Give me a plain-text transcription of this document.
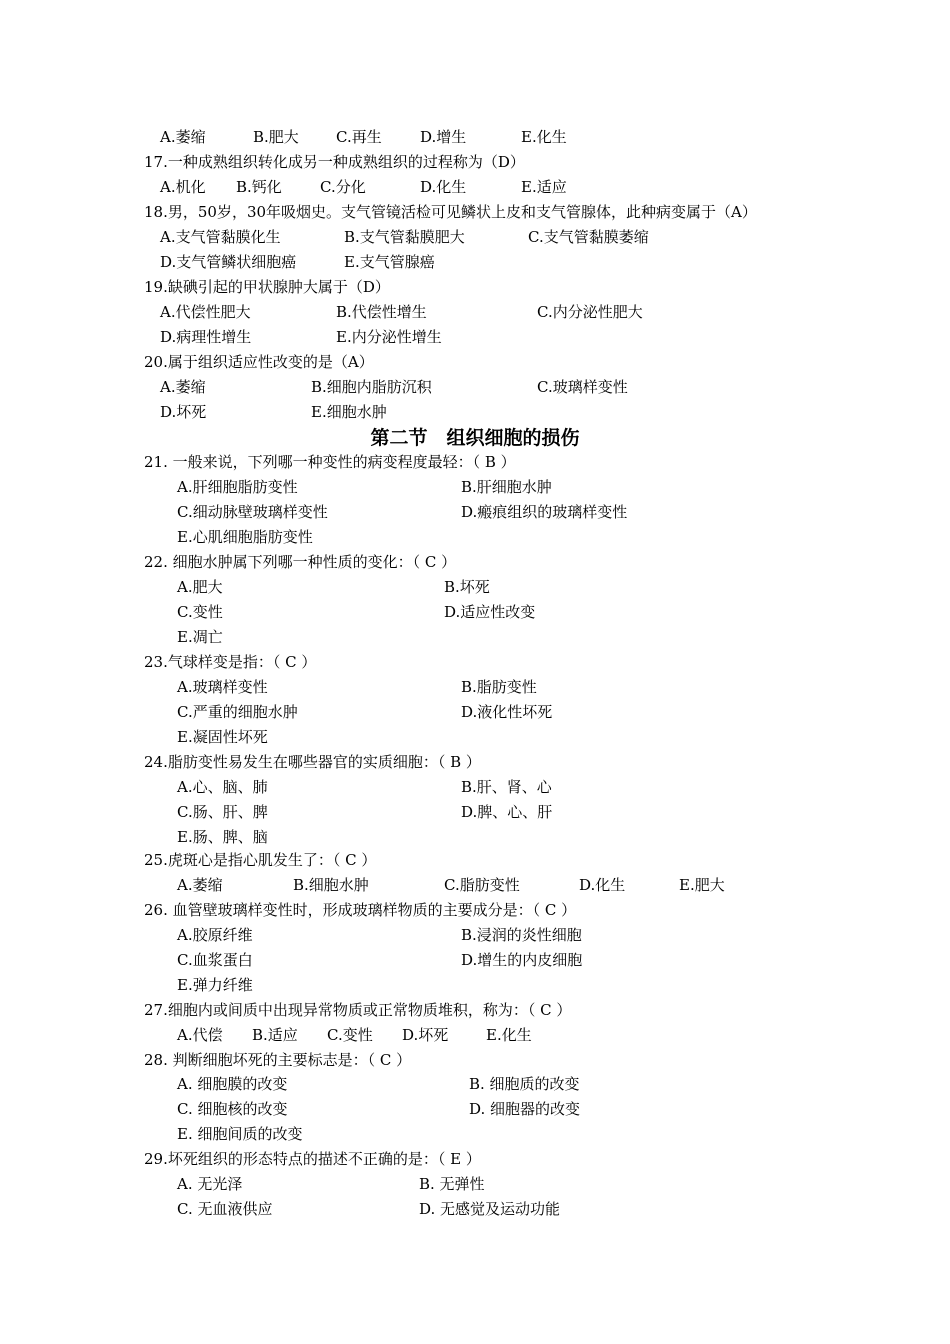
A.萎缩	B.肥大 C.再生	D.增生	E.化生
17.一种成熟组织转化成另一种成熟组织的过程称为（D）
A.机化 B.钙化	C.分化	D.化生	E.适应
18.男，50岁，30年吸烟史。支气管镜活检可见鳞状上皮和支气管腺体，此种病变属于（A）
A.支气管黏膜化生	B.支气管黏膜肥大	C.支气管黏膜萎缩
D.支气管鳞状细胞癌	E.支气管腺癌
19.缺碘引起的甲状腺肿大属于（D）
A.代偿性肥大	B.代偿性增生	C.内分泌性肥大
D.病理性增生	E.内分泌性增生
20.属于组织适应性改变的是（A）
A.萎缩	B.细胞内脂肪沉积	C.玻璃样变性
D.坏死	E.细胞水肿
第二节　组织细胞的损伤
21. 一般来说，下列哪一种变性的病变程度最轻：（ B ）
A.肝细胞脂肪变性	B.肝细胞水肿
C.细动脉壁玻璃样变性	D.瘢痕组织的玻璃样变性
E.心肌细胞脂肪变性
22. 细胞水肿属下列哪一种性质的变化：（ C ）
A.肥大	B.坏死
C.变性	D.适应性改变
E.凋亡
23.气球样变是指：（ C ）
A.玻璃样变性	B.脂肪变性
C.严重的细胞水肿	D.液化性坏死
E.凝固性坏死
24.脂肪变性易发生在哪些器官的实质细胞：（ B ）
A.心、脑、肺	B.肝、肾、心
C.肠、肝、脾	D.脾、心、肝
E.肠、脾、脑
25.虎斑心是指心肌发生了：（ C ）
A.萎缩	B.细胞水肿	C.脂肪变性	D.化生	E.肥大
26. 血管壁玻璃样变性时，形成玻璃样物质的主要成分是：（ C ）
A.胶原纤维	B.浸润的炎性细胞
C.血浆蛋白	D.增生的内皮细胞
E.弹力纤维
27.细胞内或间质中出现异常物质或正常物质堆积，称为：（ C ）
A.代偿 B.适应 C.变性 D.坏死	E.化生
28. 判断细胞坏死的主要标志是：（ C ）
A. 细胞膜的改变	B. 细胞质的改变
C. 细胞核的改变	D. 细胞器的改变
E. 细胞间质的改变
29.坏死组织的形态特点的描述不正确的是：（ E ）
A. 无光泽	B. 无弹性
C. 无血液供应	D. 无感觉及运动功能
